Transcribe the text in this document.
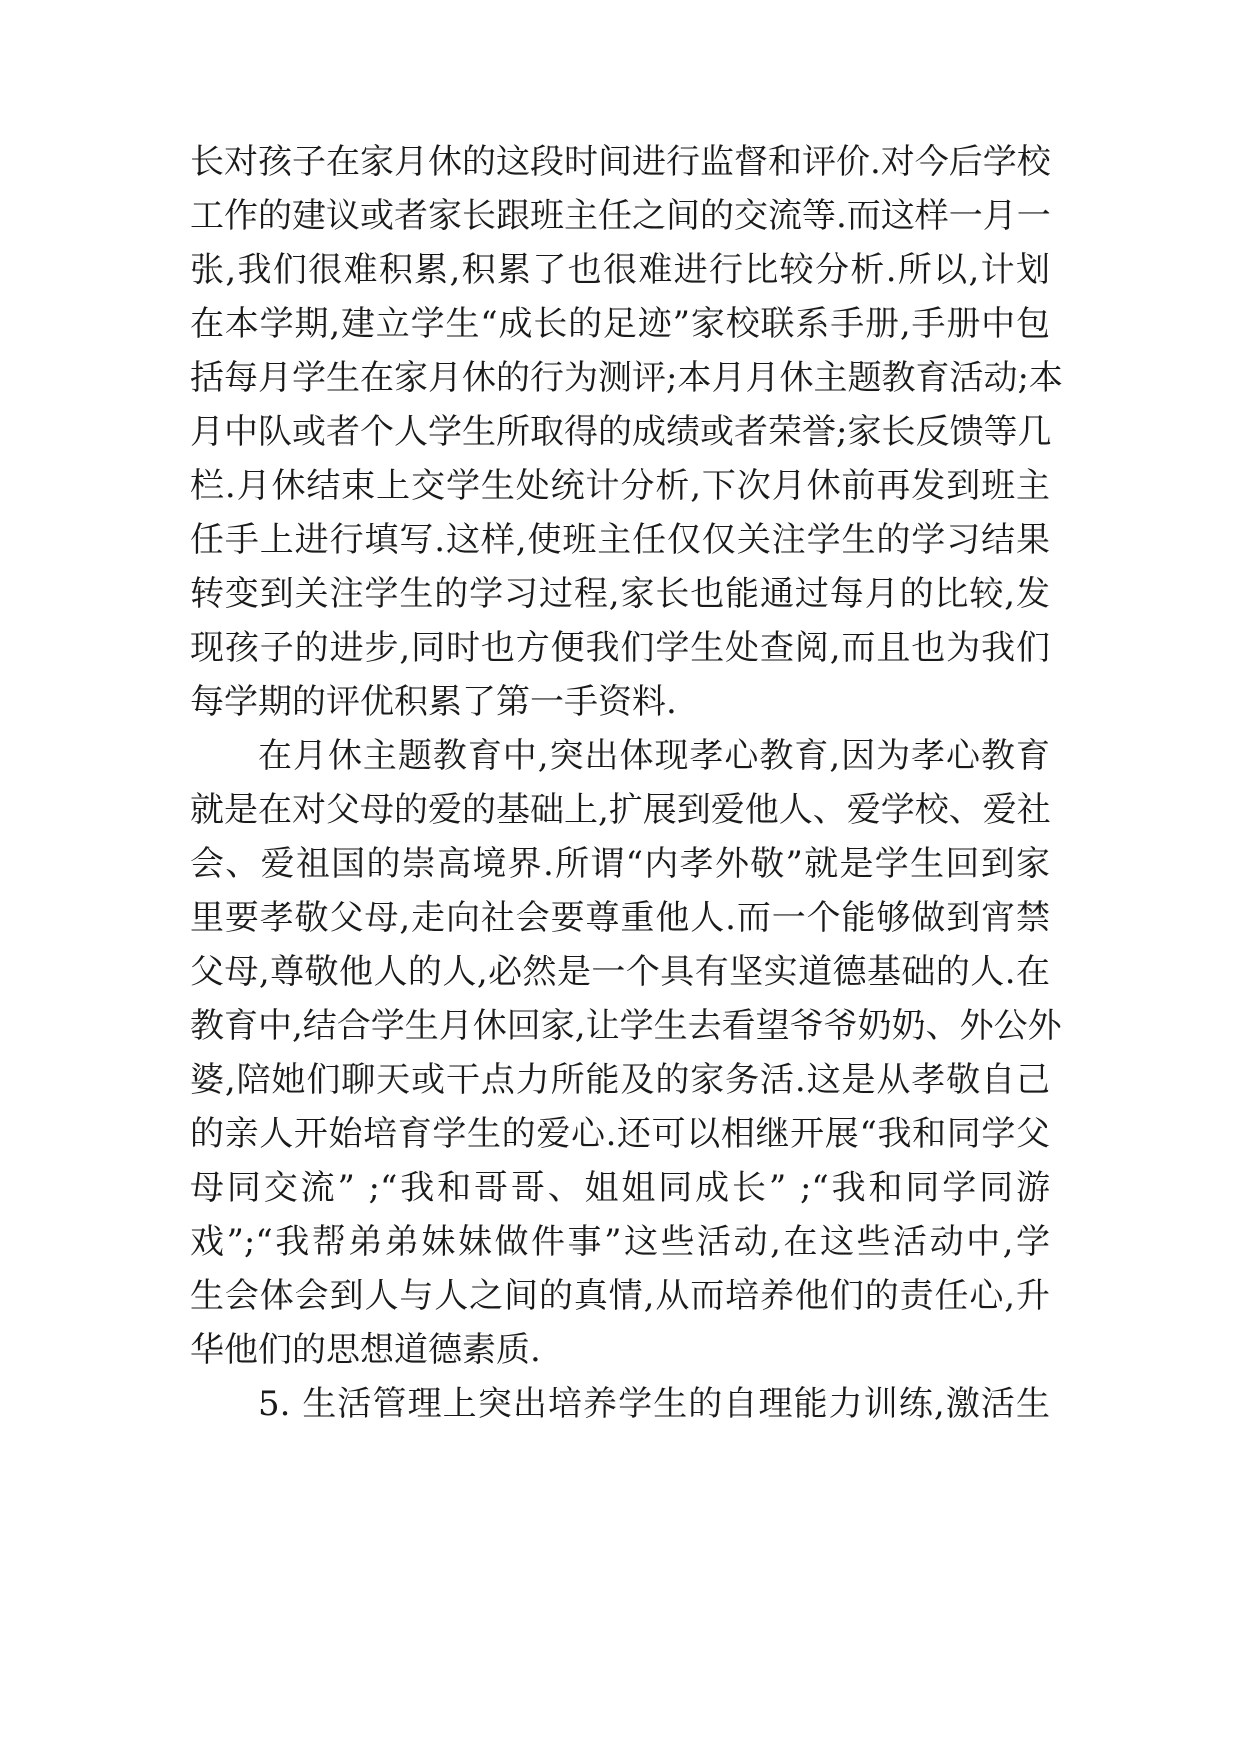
长对孩子在家月休的这段时间进行监督和评价.对今后学校
工作的建议或者家长跟班主任之间的交流等.而这样一月一
张,我们很难积累,积累了也很难进行比较分析.所以,计划
在本学期,建立学生“成长的足迹”家校联系手册,手册中包
括每月学生在家月休的行为测评;本月月休主题教育活动;本
月中队或者个人学生所取得的成绩或者荣誉;家长反馈等几
栏.月休结束上交学生处统计分析,下次月休前再发到班主
任手上进行填写.这样,使班主任仅仅关注学生的学习结果
转变到关注学生的学习过程,家长也能通过每月的比较,发
现孩子的进步,同时也方便我们学生处查阅,而且也为我们
每学期的评优积累了第一手资料.
在月休主题教育中,突出体现孝心教育,因为孝心教育
就是在对父母的爱的基础上,扩展到爱他人、爱学校、爱社
会、爱祖国的崇高境界.所谓“内孝外敬”就是学生回到家
里要孝敬父母,走向社会要尊重他人.而一个能够做到宵禁
父母,尊敬他人的人,必然是一个具有坚实道德基础的人.在
教育中,结合学生月休回家,让学生去看望爷爷奶奶、外公外
婆,陪她们聊天或干点力所能及的家务活.这是从孝敬自己
的亲人开始培育学生的爱心.还可以相继开展“我和同学父
母同交流” ;“我和哥哥、姐姐同成长” ;“我和同学同游
戏”;“我帮弟弟妹妹做件事”这些活动,在这些活动中,学
生会体会到人与人之间的真情,从而培养他们的责任心,升
华他们的思想道德素质.
5. 生活管理上突出培养学生的自理能力训练,激活生
